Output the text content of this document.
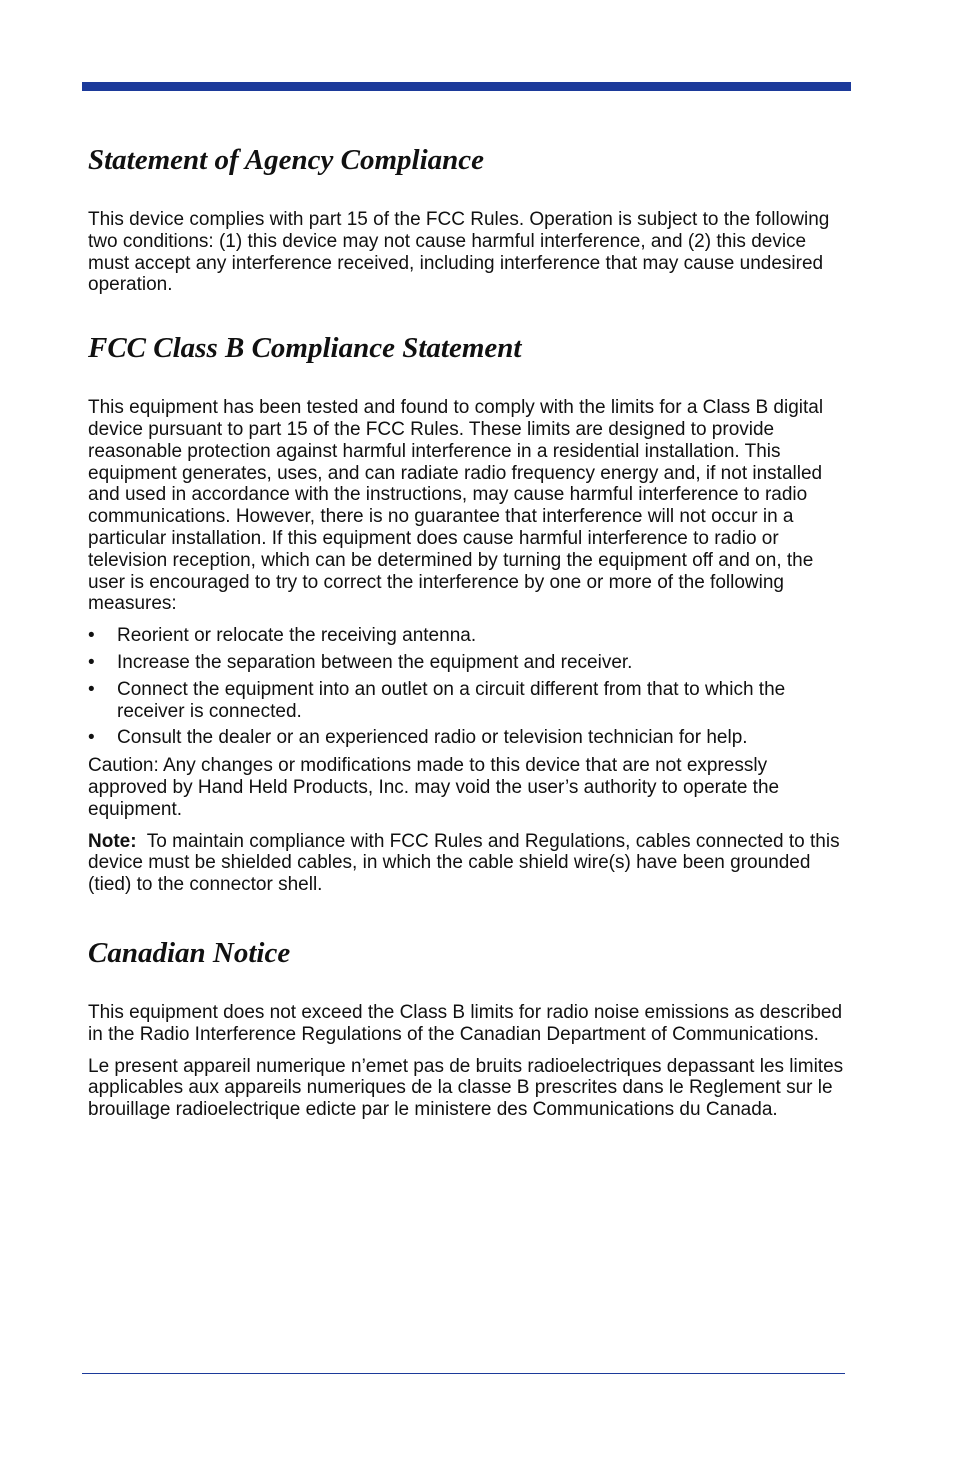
Statement of Agency Compliance

This device complies with part 15 of the FCC Rules. Operation is subject to the following two conditions: (1) this device may not cause harmful interference, and (2) this device must accept any interference received, including interference that may cause undesired operation.

FCC Class B Compliance Statement

This equipment has been tested and found to comply with the limits for a Class B digital device pursuant to part 15 of the FCC Rules. These limits are designed to provide reasonable protection against harmful interference in a residential installation. This equipment generates, uses, and can radiate radio frequency energy and, if not installed and used in accordance with the instructions, may cause harmful interference to radio communications. However, there is no guarantee that interference will not occur in a particular installation. If this equipment does cause harmful interference to radio or television reception, which can be determined by turning the equipment off and on, the user is encouraged to try to correct the interference by one or more of the following measures:

• Reorient or relocate the receiving antenna.
• Increase the separation between the equipment and receiver.
• Connect the equipment into an outlet on a circuit different from that to which the receiver is connected.
• Consult the dealer or an experienced radio or television technician for help.

Caution: Any changes or modifications made to this device that are not expressly approved by Hand Held Products, Inc. may void the user’s authority to operate the equipment.

Note:  To maintain compliance with FCC Rules and Regulations, cables connected to this device must be shielded cables, in which the cable shield wire(s) have been grounded (tied) to the connector shell.

Canadian Notice

This equipment does not exceed the Class B limits for radio noise emissions as described in the Radio Interference Regulations of the Canadian Department of Communications.

Le present appareil numerique n’emet pas de bruits radioelectriques depassant les limites applicables aux appareils numeriques de la classe B prescrites dans le Reglement sur le brouillage radioelectrique edicte par le ministere des Communications du Canada.
